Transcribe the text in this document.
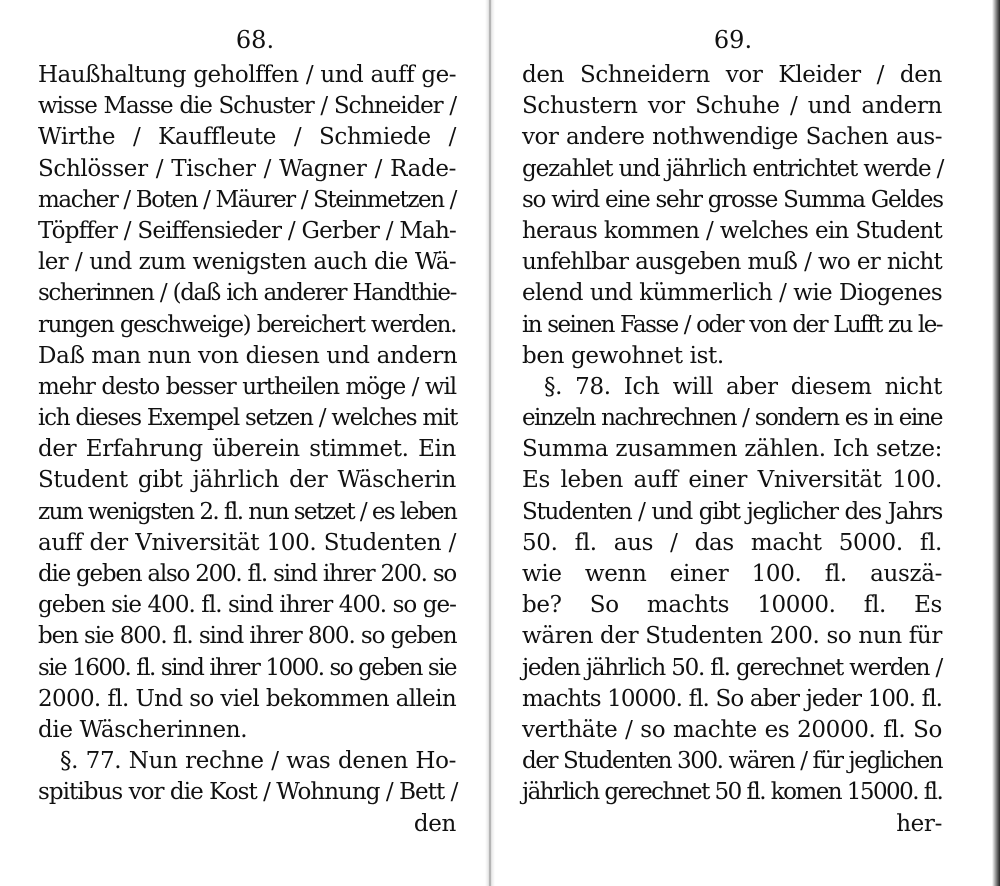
68.
Haußhaltung geholffen / und auff ge-
wisse Masse die Schuster / Schneider /
Wirthe / Kauffleute / Schmiede /
Schlösser / Tischer / Wagner / Rade-
macher / Boten / Mäurer / Steinmetzen /
Töpffer / Seiffensieder / Gerber / Mah-
ler / und zum wenigsten auch die Wä-
scherinnen / (daß ich anderer Handthie-
rungen geschweige) bereichert werden.
Daß man nun von diesen und andern
mehr desto besser urtheilen möge / wil
ich dieses Exempel setzen / welches mit
der Erfahrung überein stimmet. Ein
Student gibt jährlich der Wäscherin
zum wenigsten 2. fl. nun setzet / es leben
auff der Vniversität 100. Studenten /
die geben also 200. fl. sind ihrer 200. so
geben sie 400. fl. sind ihrer 400. so ge-
ben sie 800. fl. sind ihrer 800. so geben
sie 1600. fl. sind ihrer 1000. so geben sie
2000. fl. Und so viel bekommen allein
die Wäscherinnen.
§. 77. Nun rechne / was denen Ho-
spitibus vor die Kost / Wohnung / Bett /
den
69.
den Schneidern vor Kleider / den
Schustern vor Schuhe / und andern
vor andere nothwendige Sachen aus-
gezahlet und jährlich entrichtet werde /
so wird eine sehr grosse Summa Geldes
heraus kommen / welches ein Student
unfehlbar ausgeben muß / wo er nicht
elend und kümmerlich / wie Diogenes
in seinen Fasse / oder von der Lufft zu le-
ben gewohnet ist.
§. 78. Ich will aber diesem nicht
einzeln nachrechnen / sondern es in eine
Summa zusammen zählen. Ich setze:
Es leben auff einer Vniversität 100.
Studenten / und gibt jeglicher des Jahrs
50. fl. aus / das macht 5000. fl.
wie wenn einer 100. fl. auszä-
be? So machts 10000. fl. Es
wären der Studenten 200. so nun für
jeden jährlich 50. fl. gerechnet werden /
machts 10000. fl. So aber jeder 100. fl.
verthäte / so machte es 20000. fl. So
der Studenten 300. wären / für jeglichen
jährlich gerechnet 50 fl. komen 15000. fl.
her-
